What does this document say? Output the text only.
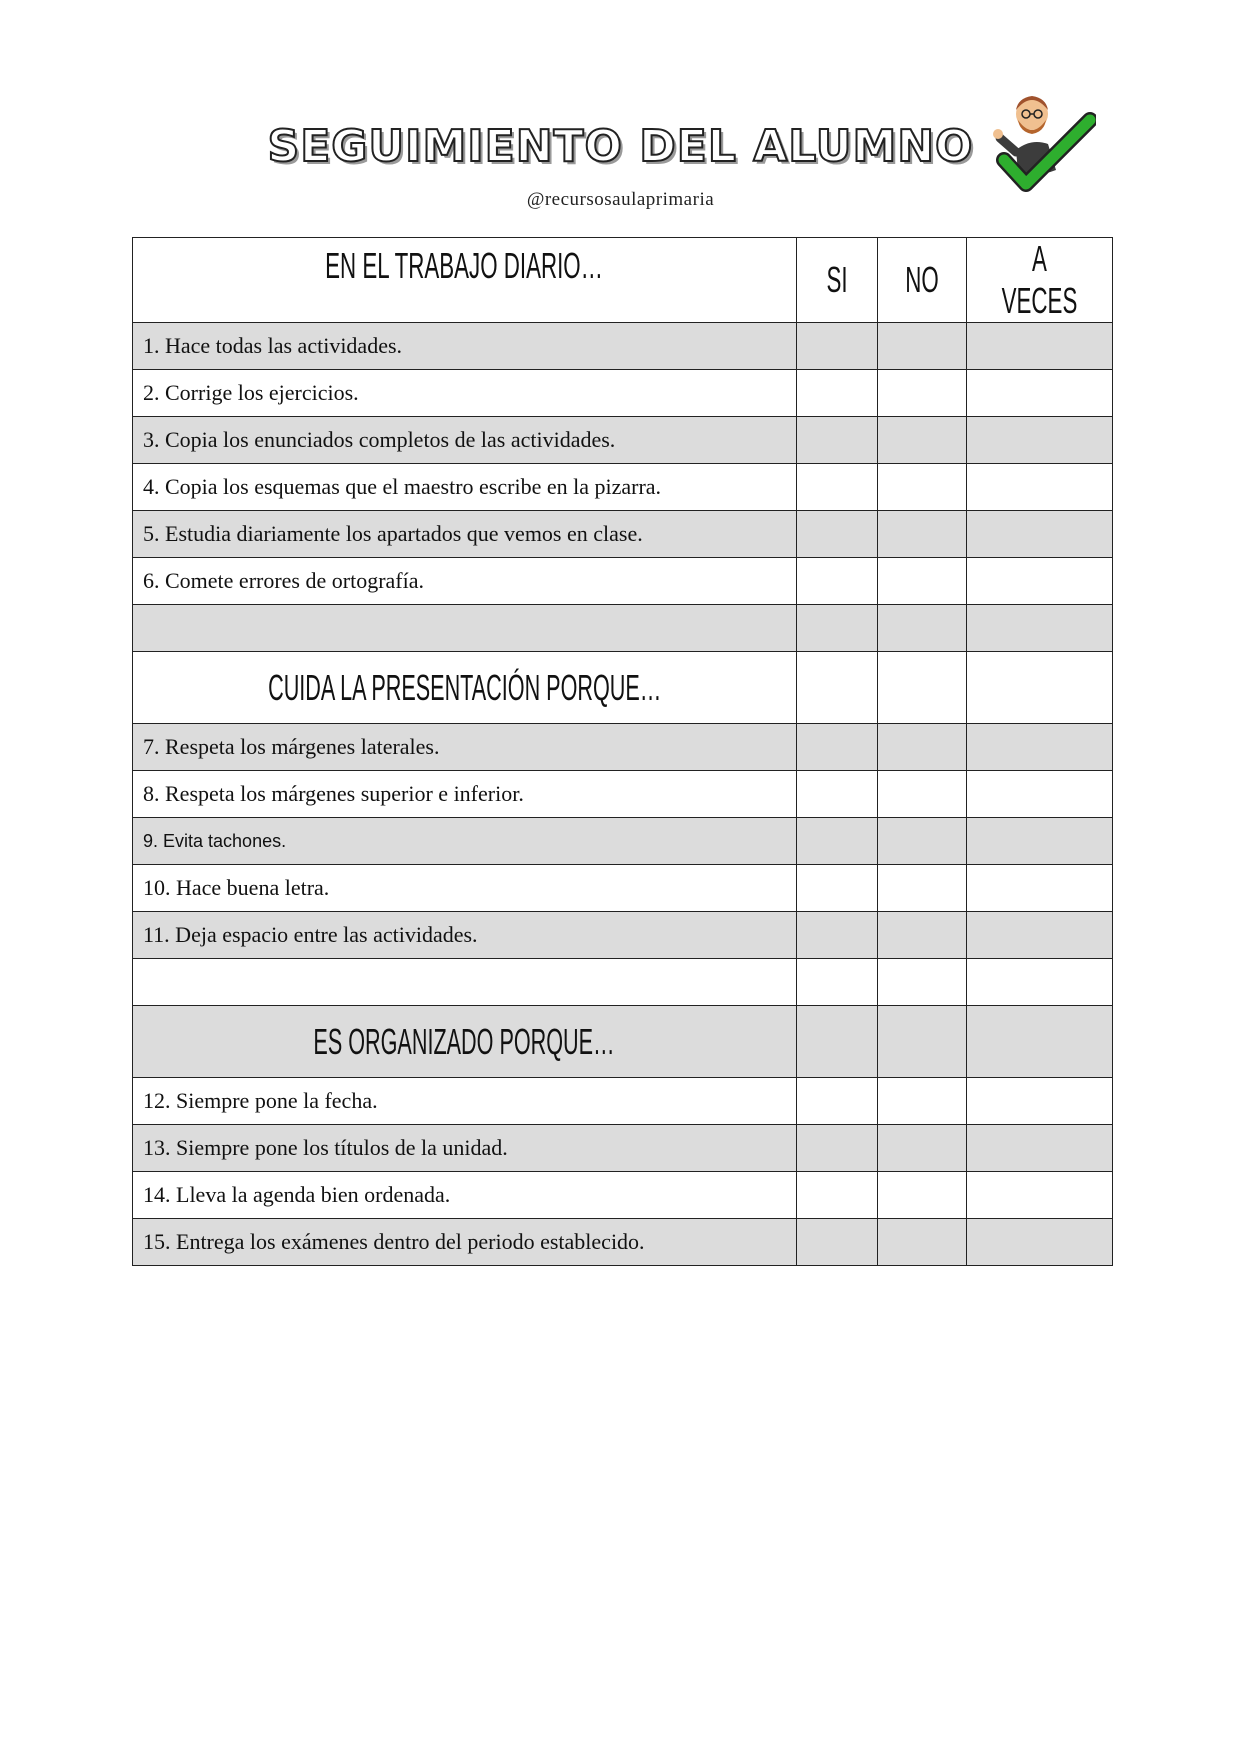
SEGUIMIENTO DEL ALUMNO
@recursosaulaprimaria
EN EL TRABAJO DIARIO…	SI	NO	A VECES
1. Hace todas las actividades.			
2. Corrige los ejercicios.			
3. Copia los enunciados completos de las actividades.			
4. Copia los esquemas que el maestro escribe en la pizarra.			
5. Estudia diariamente los apartados que vemos en clase.			
6. Comete errores de ortografía.			

CUIDA LA PRESENTACIÓN PORQUE…			
7. Respeta los márgenes laterales.			
8. Respeta los márgenes superior e inferior.			
9. Evita tachones.			
10. Hace buena letra.			
11. Deja espacio entre las actividades.			

ES ORGANIZADO PORQUE…			
12. Siempre pone la fecha.			
13. Siempre pone los títulos de la unidad.			
14. Lleva la agenda bien ordenada.			
15. Entrega los exámenes dentro del periodo establecido.			
